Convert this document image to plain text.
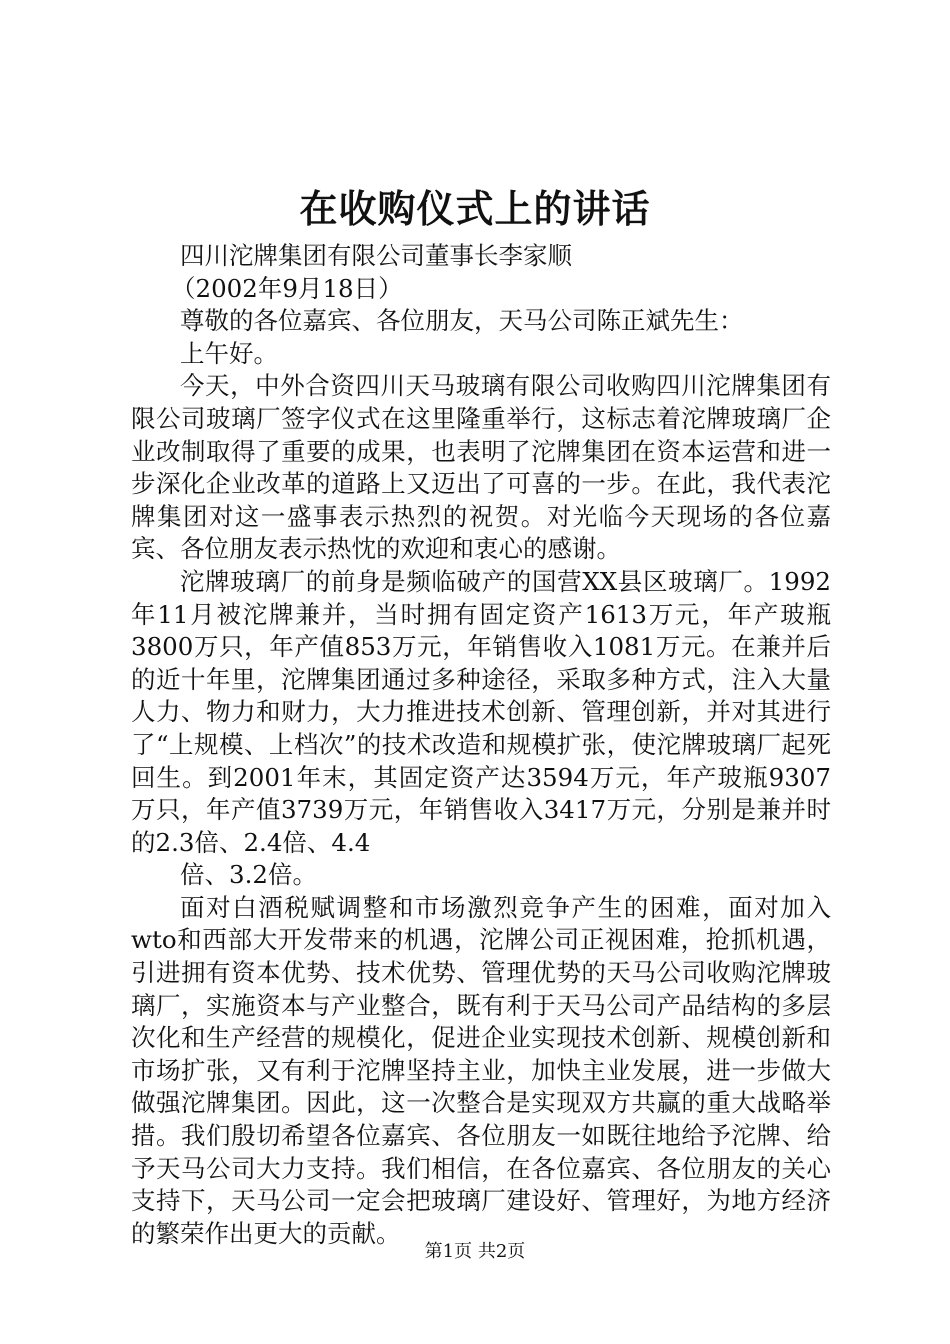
在收购仪式上的讲话

四川沱牌集团有限公司董事长李家顺

（2002年9月18日）

尊敬的各位嘉宾、各位朋友，天马公司陈正斌先生：

上午好。

今天，中外合资四川天马玻璃有限公司收购四川沱牌集团有限公司玻璃厂签字仪式在这里隆重举行，这标志着沱牌玻璃厂企业改制取得了重要的成果，也表明了沱牌集团在资本运营和进一步深化企业改革的道路上又迈出了可喜的一步。在此，我代表沱牌集团对这一盛事表示热烈的祝贺。对光临今天现场的各位嘉宾、各位朋友表示热忱的欢迎和衷心的感谢。

沱牌玻璃厂的前身是频临破产的国营XX县区玻璃厂。1992年11月被沱牌兼并，当时拥有固定资产1613万元，年产玻瓶3800万只，年产值853万元，年销售收入1081万元。在兼并后的近十年里，沱牌集团通过多种途径，采取多种方式，注入大量人力、物力和财力，大力推进技术创新、管理创新，并对其进行了“上规模、上档次”的技术改造和规模扩张，使沱牌玻璃厂起死回生。到2001年末，其固定资产达3594万元，年产玻瓶9307万只，年产值3739万元，年销售收入3417万元，分别是兼并时的2.3倍、2.4倍、4.4

倍、3.2倍。

面对白酒税赋调整和市场激烈竞争产生的困难，面对加入wto和西部大开发带来的机遇，沱牌公司正视困难，抢抓机遇，引进拥有资本优势、技术优势、管理优势的天马公司收购沱牌玻璃厂，实施资本与产业整合，既有利于天马公司产品结构的多层次化和生产经营的规模化，促进企业实现技术创新、规模创新和市场扩张，又有利于沱牌坚持主业，加快主业发展，进一步做大做强沱牌集团。因此，这一次整合是实现双方共赢的重大战略举措。我们殷切希望各位嘉宾、各位朋友一如既往地给予沱牌、给予天马公司大力支持。我们相信，在各位嘉宾、各位朋友的关心支持下，天马公司一定会把玻璃厂建设好、管理好，为地方经济的繁荣作出更大的贡献。

第1页 共2页
